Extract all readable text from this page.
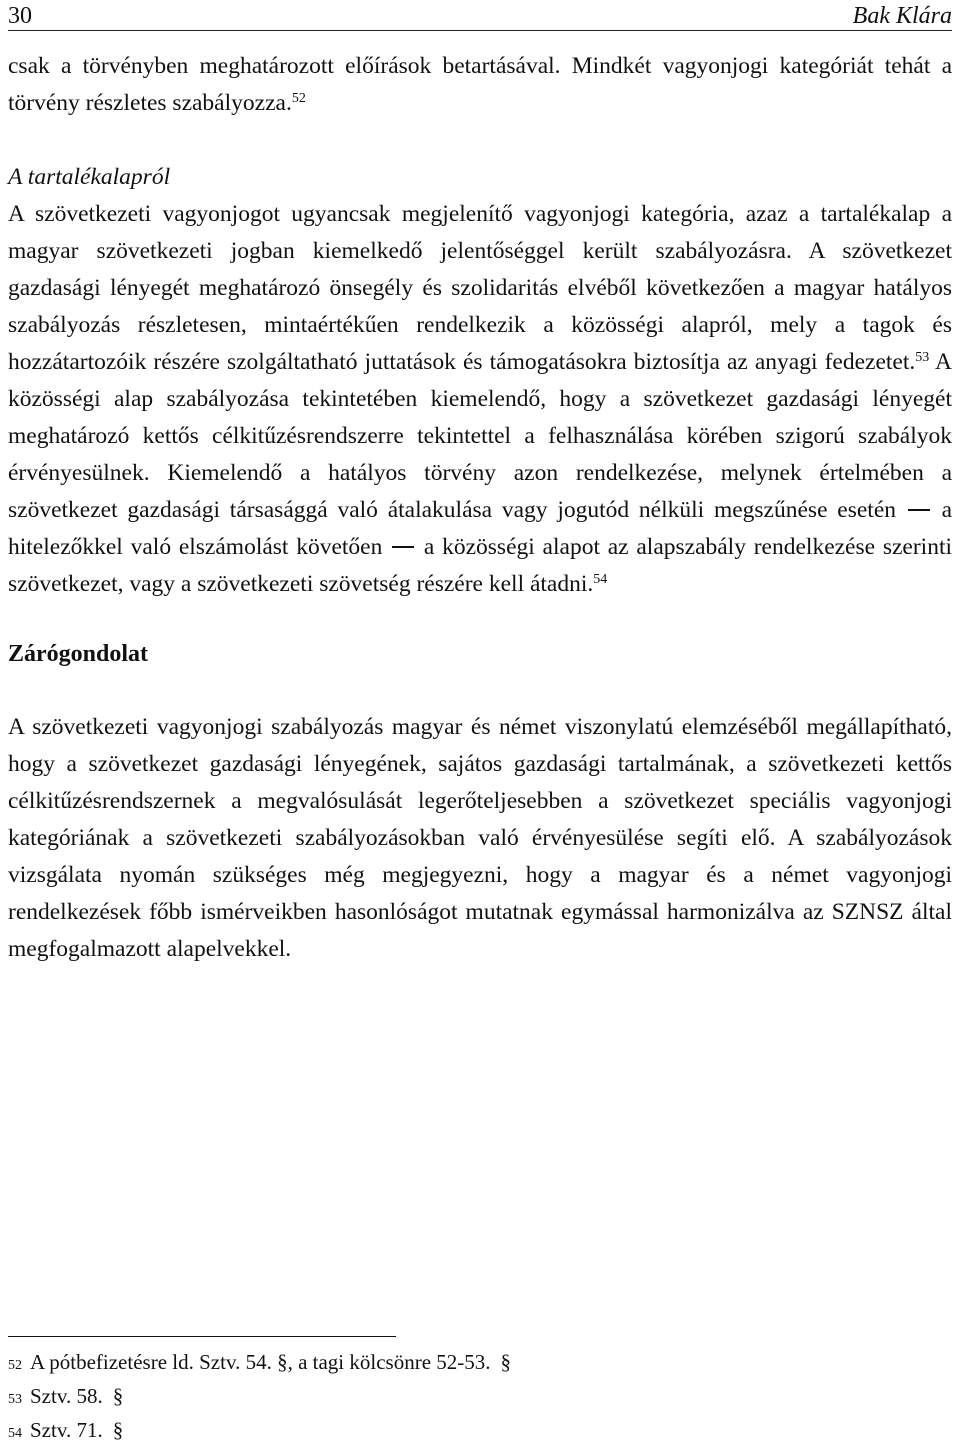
30	Bak Klára

csak a törvényben meghatározott előírások betartásával. Mindkét vagyonjogi kategóriát tehát a törvény részletes szabályozza.$^{52}$

A tartalékalapról

A szövetkezeti vagyonjogot ugyancsak megjelenítő vagyonjogi kategória, azaz a tartalékalap a magyar szövetkezeti jogban kiemelkedő jelentőséggel került szabályozásra. A szövetkezet gazdasági lényegét meghatározó önsegély és szolidaritás elvéből következően a magyar hatályos szabályozás részletesen, mintaértékűen rendelkezik a közösségi alapról, mely a tagok és hozzátartozóik részére szolgáltatható juttatások és támogatásokra biztosítja az anyagi fedezetet.$^{53}$ A közösségi alap szabályozása tekintetében kiemelendő, hogy a szövetkezet gazdasági lényegét meghatározó kettős célkitűzésrendszerre tekintettel a felhasználása körében szigorú szabályok érvényesülnek. Kiemelendő a hatályos törvény azon rendelkezése, melynek értelmében a szövetkezet gazdasági társasággá való átalakulása vagy jogutód nélküli megszűnése esetén a hitelezőkkel való elszámolást követően a közösségi alapot az alapszabály rendelkezése szerinti szövetkezet, vagy a szövetkezeti szövetség részére kell átadni.$^{54}$

Zárógondolat

A szövetkezeti vagyonjogi szabályozás magyar és német viszonylatú elemzéséből megállapítható, hogy a szövetkezet gazdasági lényegének, sajátos gazdasági tartalmának, a szövetkezeti kettős célkitűzésrendszernek a megvalósulását legerőteljesebben a szövetkezet speciális vagyonjogi kategóriának a szövetkezeti szabályozásokban való érvényesülése segíti elő. A szabályozások vizsgálata nyomán szükséges még megjegyezni, hogy a magyar és a német vagyonjogi rendelkezések főbb ismérveikben hasonlóságot mutatnak egymással harmonizálva az SZNSZ által megfogalmazott alapelvekkel.

52 A pótbefizetésre ld. Sztv. 54. §, a tagi kölcsönre 52-53. §
53 Sztv. 58. §
54 Sztv. 71. §
